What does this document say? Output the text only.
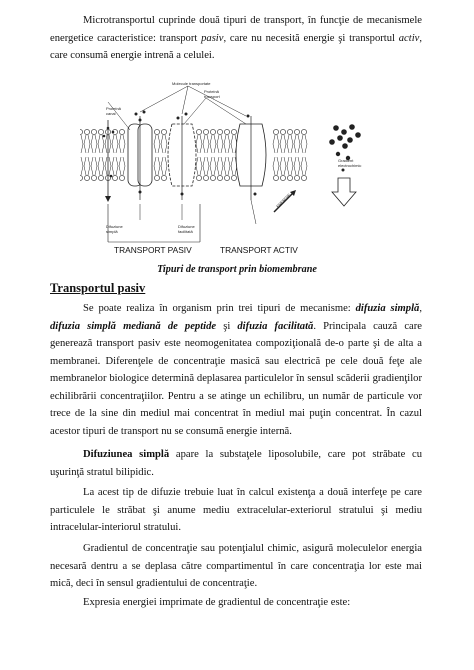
Microtransportul cuprinde două tipuri de transport, în funcţie de mecanismele energetice caracteristice: transport pasiv, care nu necesită energie şi transportul activ, care consumă energie intrenă a celulei.

Proteină
canal
Molecule transportate
Proteină
transport
Gradient
electrochimic
Difuziune
simplă
Difuziune
facilitată
ENERGIE
TRANSPORT PASIV	TRANSPORT ACTIV

Tipuri de transport prin biomembrane

Transportul pasiv

Se poate realiza în organism prin trei tipuri de mecanisme: difuzia simplă, difuzia simplă mediană de peptide şi difuzia facilitată. Principala cauză care generează transport pasiv este neomogenitatea compoziţională de-o parte şi de alta a membranei. Diferenţele de concentraţie masică sau electrică pe cele două feţe ale membranelor biologice determină deplasarea particulelor în sensul scăderii gradienţilor echilibrării concentraţiilor. Pentru a se atinge un echilibru, un număr de particule vor trece de la sine din mediul mai concentrat în mediul mai puţin concentrat. În cazul acestor tipuri de transport nu se consumă energie internă.

Difuziunea simplă apare la substaţele liposolubile, care pot străbate cu uşurinţă stratul bilipidic.

La acest tip de difuzie trebuie luat în calcul existenţa a două interfeţe pe care particulele le străbat şi anume mediu extracelular-exteriorul stratului şi mediu intracelular-interiorul stratului.

Gradientul de concentraţie sau potenţialul chimic, asigură moleculelor energia necesară dentru a se deplasa către compartimentul în care concentraţia lor este mai mică, deci în sensul gradientului de concentraţie.

Expresia energiei imprimate de gradientul de concentraţie este:
